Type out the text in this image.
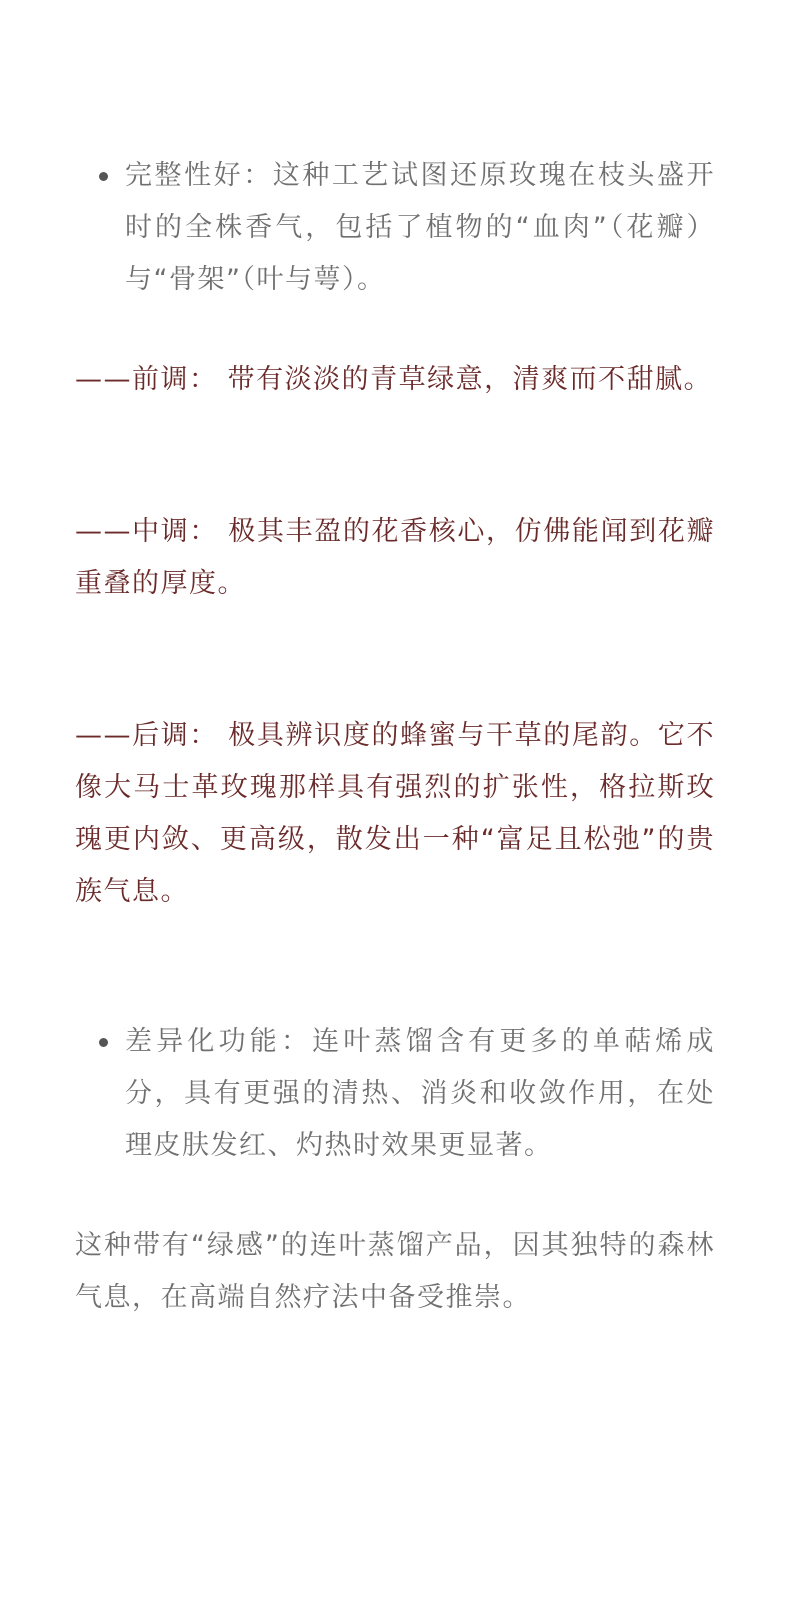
完整性好：这种工艺试图还原玫瑰在枝头盛开时的全株香气，包括了植物的“血肉”（花瓣）与“骨架”（叶与萼）。

——前调： 带有淡淡的青草绿意，清爽而不甜腻。

——中调： 极其丰盈的花香核心，仿佛能闻到花瓣重叠的厚度。

——后调： 极具辨识度的蜂蜜与干草的尾韵。它不像大马士革玫瑰那样具有强烈的扩张性，格拉斯玫瑰更内敛、更高级，散发出一种“富足且松弛”的贵族气息。

差异化功能：连叶蒸馏含有更多的单萜烯成分，具有更强的清热、消炎和收敛作用，在处理皮肤发红、灼热时效果更显著。

这种带有“绿感”的连叶蒸馏产品，因其独特的森林气息，在高端自然疗法中备受推崇。
